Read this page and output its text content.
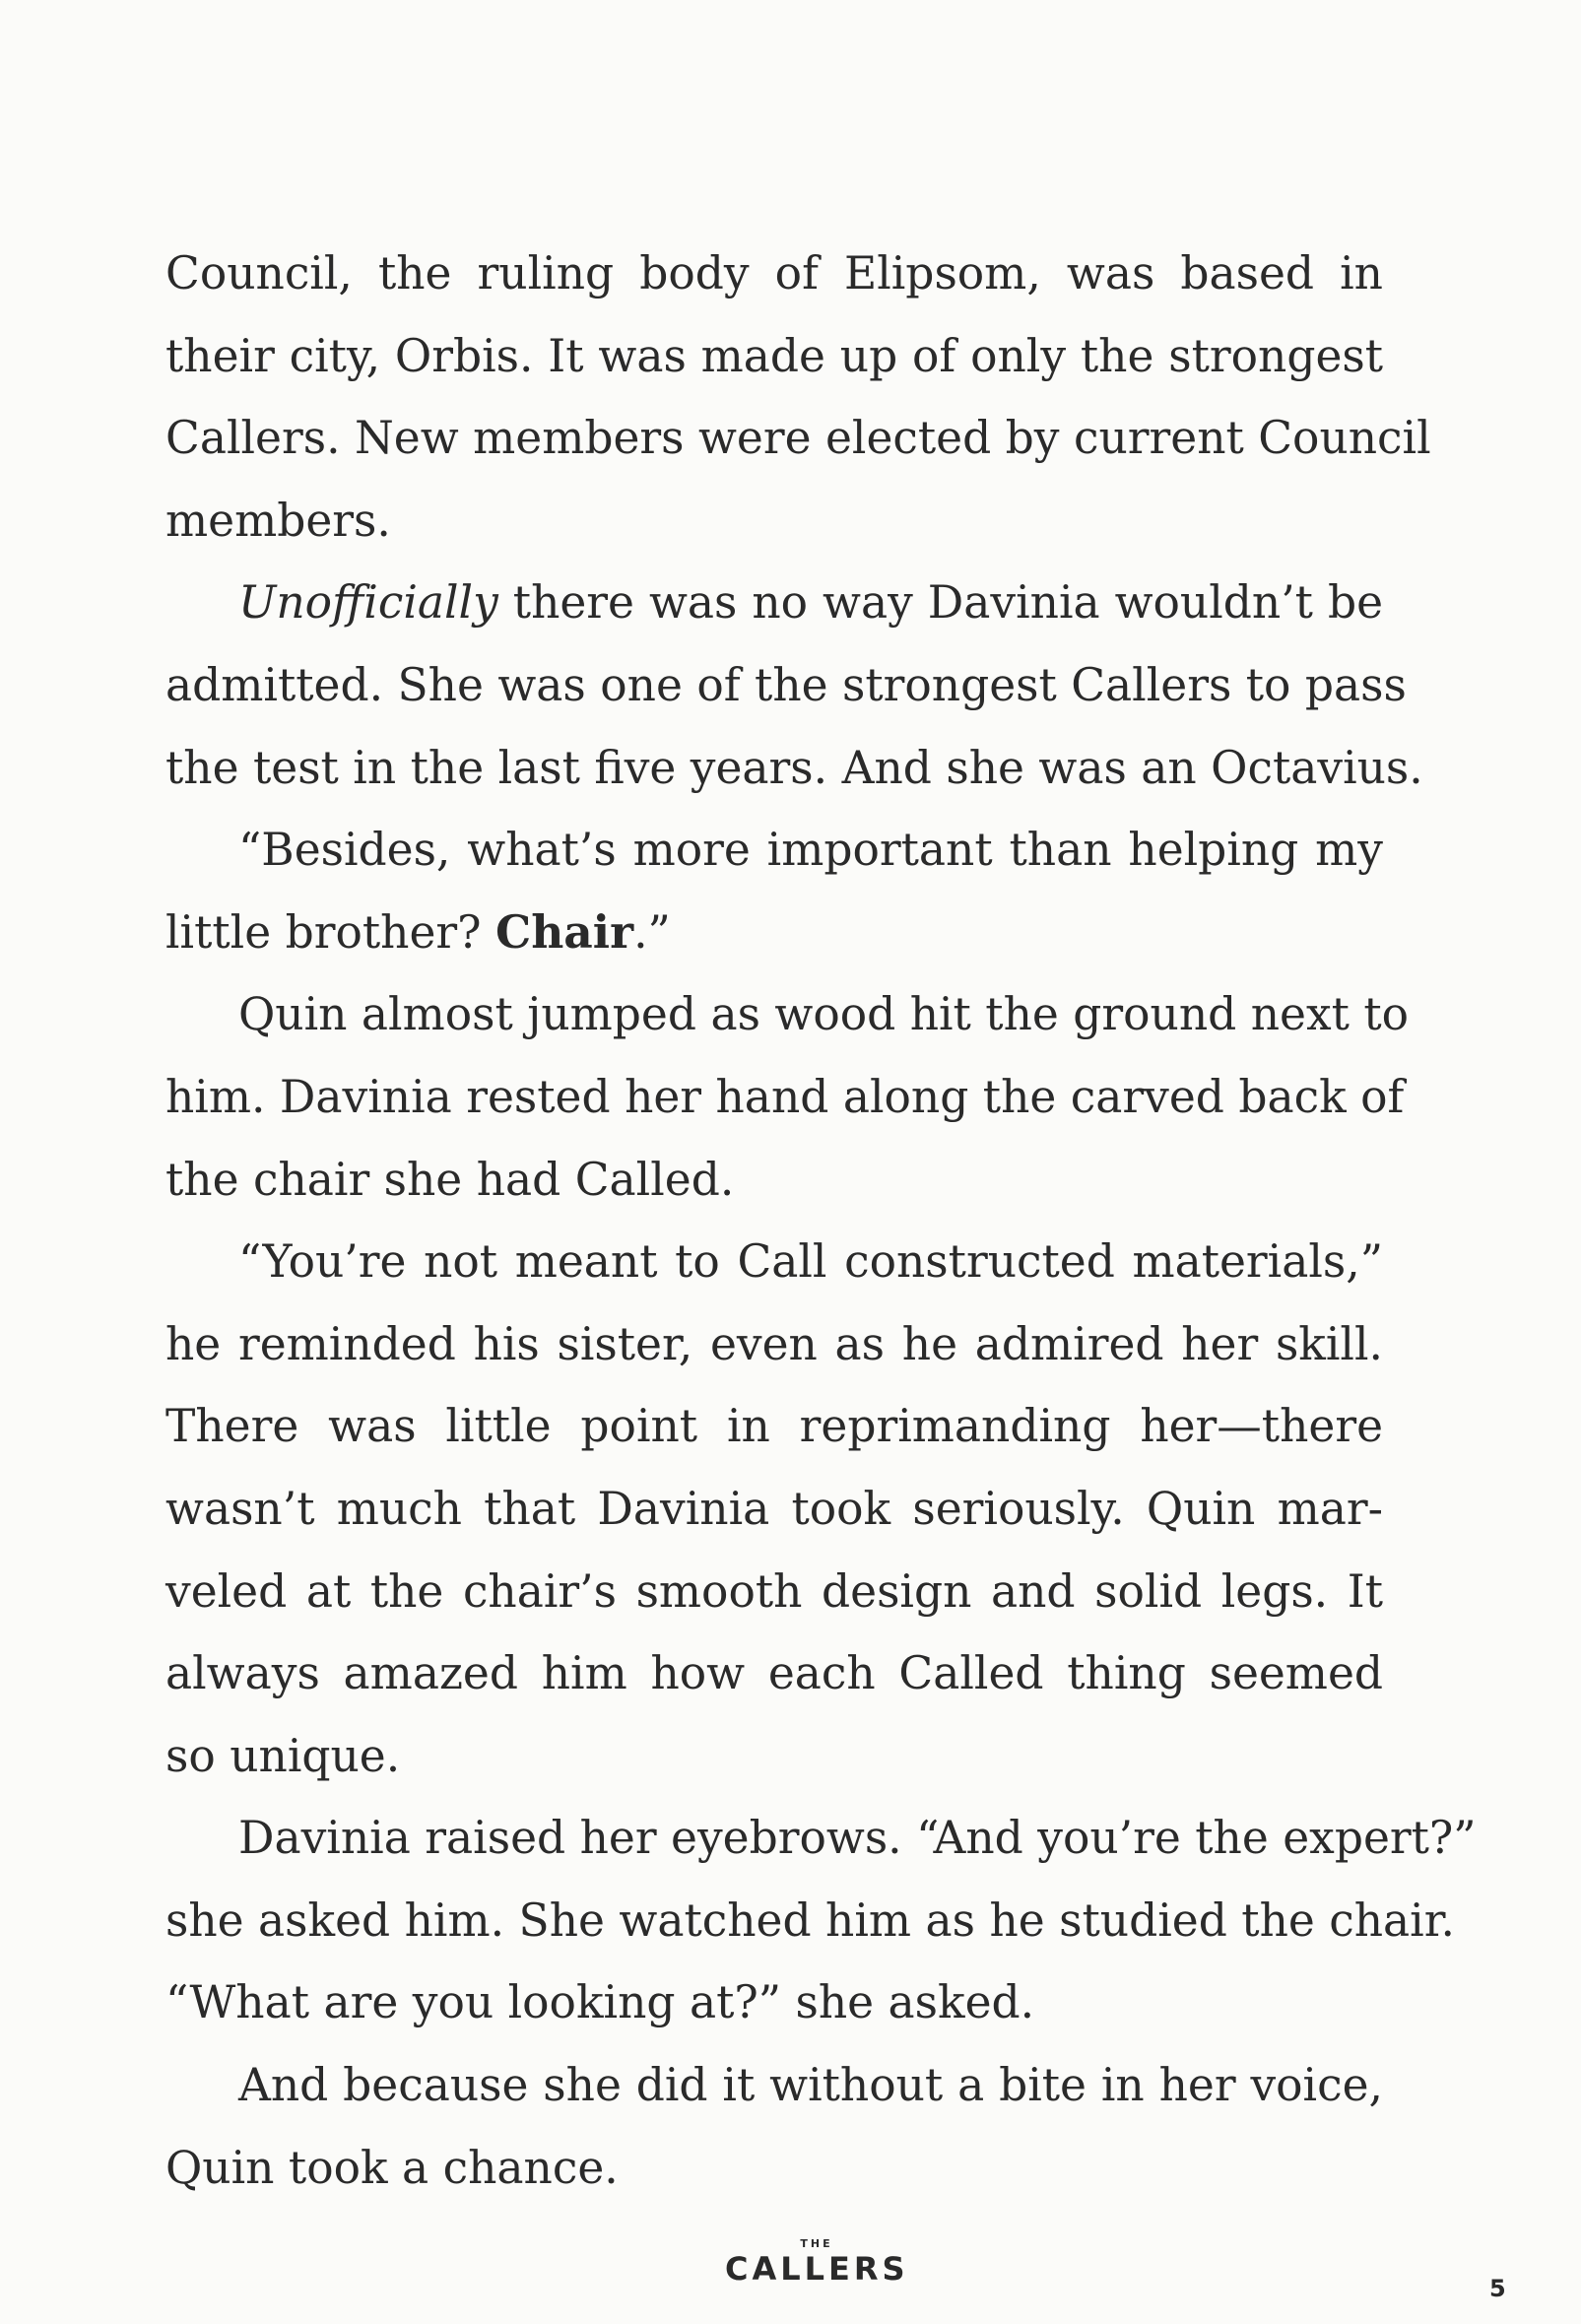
Council, the ruling body of Elipsom, was based in
their city, Orbis. It was made up of only the strongest
Callers. New members were elected by current Council
members.

Unofficially there was no way Davinia wouldn’t be
admitted. She was one of the strongest Callers to pass
the test in the last five years. And she was an Octavius.

“Besides, what’s more important than helping my
little brother? Chair.”

Quin almost jumped as wood hit the ground next to
him. Davinia rested her hand along the carved back of
the chair she had Called.

“You’re not meant to Call constructed materials,”
he reminded his sister, even as he admired her skill.
There was little point in reprimanding her—there
wasn’t much that Davinia took seriously. Quin mar-
veled at the chair’s smooth design and solid legs. It
always amazed him how each Called thing seemed
so unique.

Davinia raised her eyebrows. “And you’re the expert?”
she asked him. She watched him as he studied the chair.
“What are you looking at?” she asked.

And because she did it without a bite in her voice,
Quin took a chance.

THE
CALLERS
5
